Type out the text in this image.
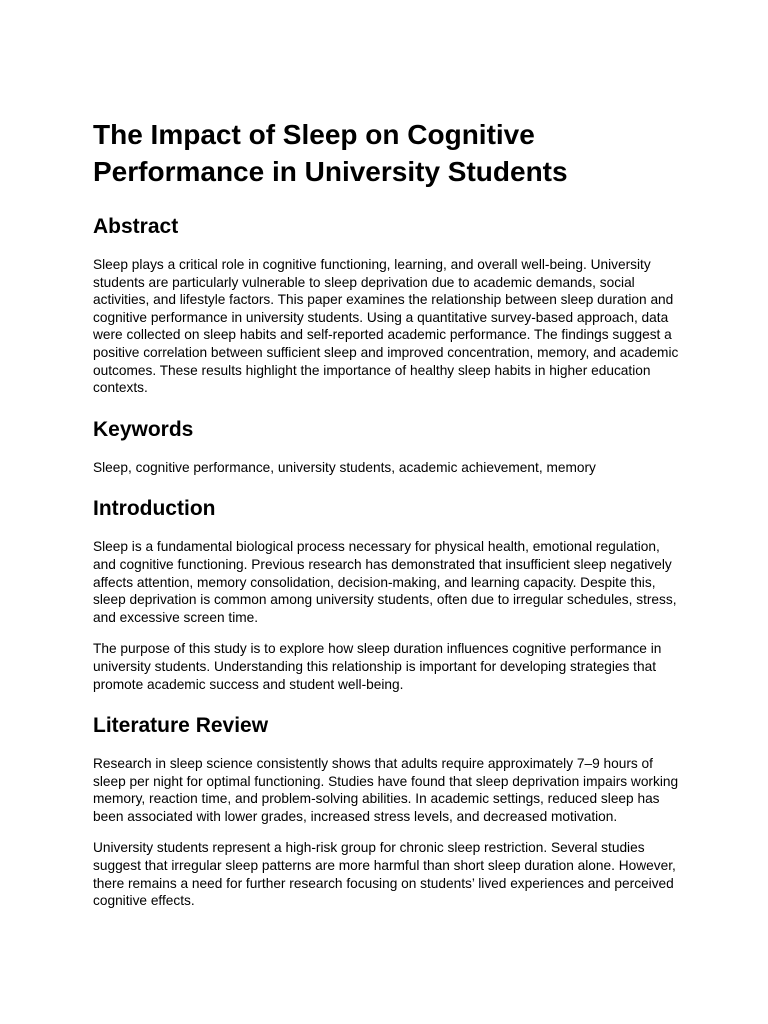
The Impact of Sleep on Cognitive Performance in University Students
Abstract

Sleep plays a critical role in cognitive functioning, learning, and overall well-being. University students are particularly vulnerable to sleep deprivation due to academic demands, social activities, and lifestyle factors. This paper examines the relationship between sleep duration and cognitive performance in university students. Using a quantitative survey-based approach, data were collected on sleep habits and self-reported academic performance. The findings suggest a positive correlation between sufficient sleep and improved concentration, memory, and academic outcomes. These results highlight the importance of healthy sleep habits in higher education contexts.

Keywords

Sleep, cognitive performance, university students, academic achievement, memory

Introduction

Sleep is a fundamental biological process necessary for physical health, emotional regulation, and cognitive functioning. Previous research has demonstrated that insufficient sleep negatively affects attention, memory consolidation, decision-making, and learning capacity. Despite this, sleep deprivation is common among university students, often due to irregular schedules, stress, and excessive screen time.

The purpose of this study is to explore how sleep duration influences cognitive performance in university students. Understanding this relationship is important for developing strategies that promote academic success and student well-being.

Literature Review

Research in sleep science consistently shows that adults require approximately 7–9 hours of sleep per night for optimal functioning. Studies have found that sleep deprivation impairs working memory, reaction time, and problem-solving abilities. In academic settings, reduced sleep has been associated with lower grades, increased stress levels, and decreased motivation.

University students represent a high-risk group for chronic sleep restriction. Several studies suggest that irregular sleep patterns are more harmful than short sleep duration alone. However, there remains a need for further research focusing on students’ lived experiences and perceived cognitive effects.
